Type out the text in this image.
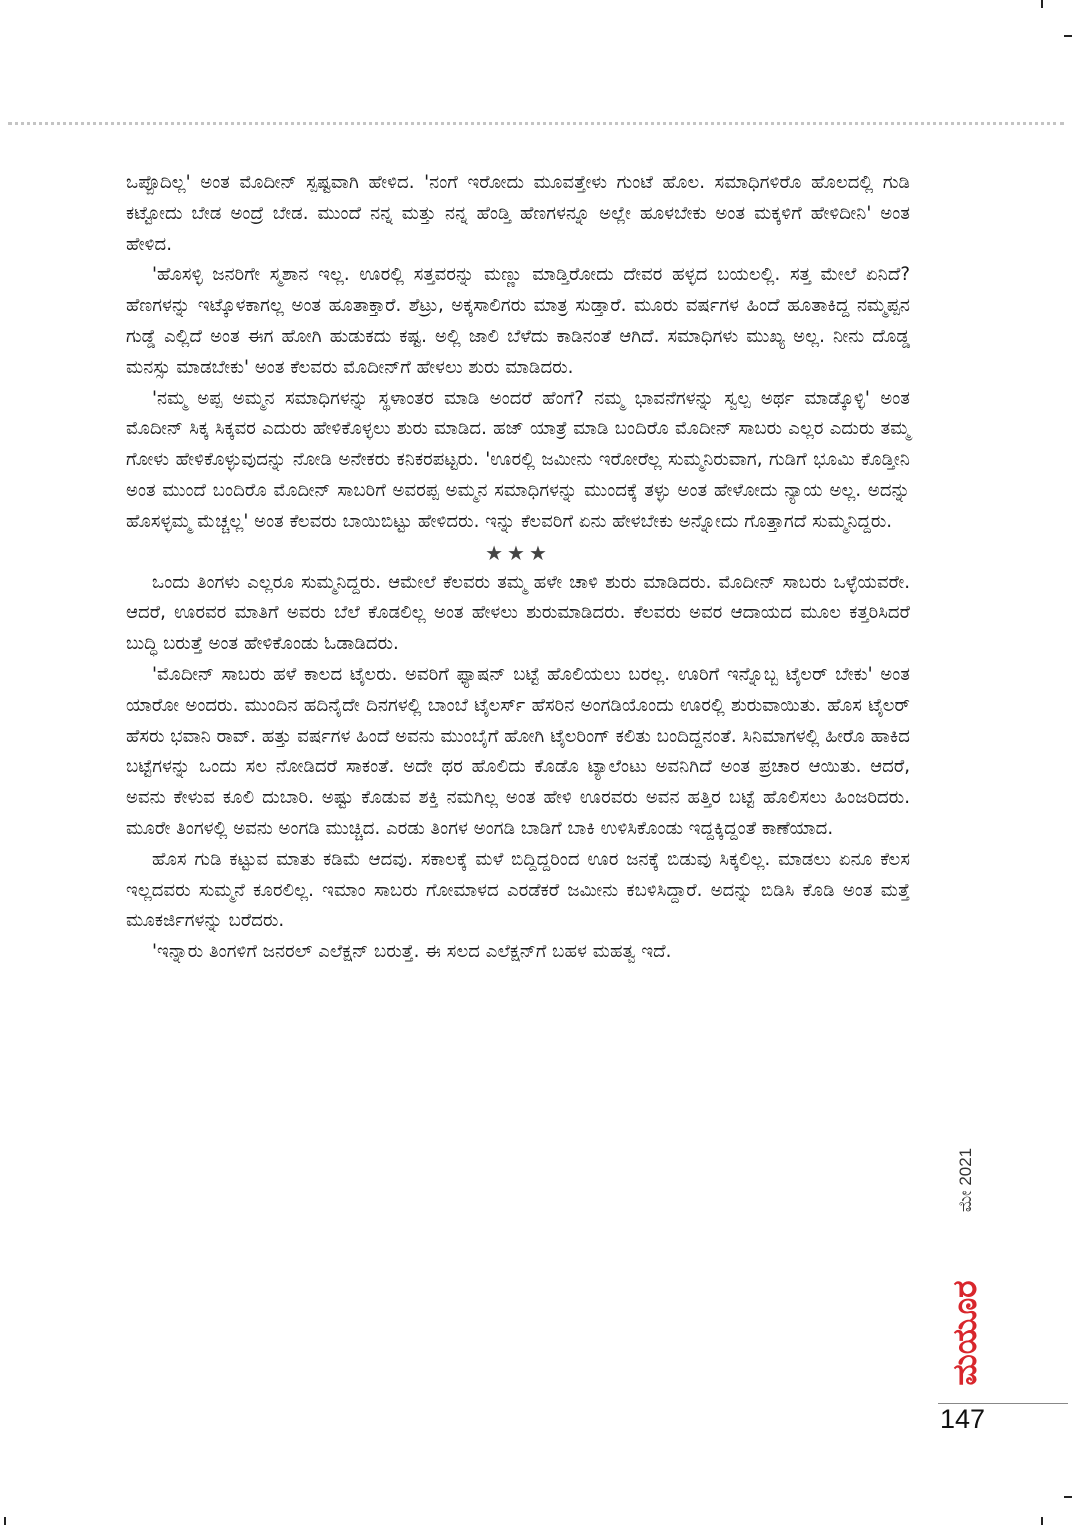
ಒಪ್ಪೊದಿಲ್ಲ' ಅಂತ ಮೊದೀನ್ ಸ್ಪಷ್ಟವಾಗಿ ಹೇಳಿದ. 'ನಂಗೆ ಇರೋದು ಮೂವತ್ತೇಳು ಗುಂಟೆ ಹೊಲ. ಸಮಾಧಿಗಳಿರೊ ಹೊಲದಲ್ಲಿ ಗುಡಿ ಕಟ್ಟೋದು ಬೇಡ ಅಂದ್ರೆ ಬೇಡ. ಮುಂದೆ ನನ್ನ ಮತ್ತು ನನ್ನ ಹೆಂಡ್ತಿ ಹೆಣಗಳನ್ನೂ ಅಲ್ಲೇ ಹೂಳಬೇಕು ಅಂತ ಮಕ್ಕಳಿಗೆ ಹೇಳಿದೀನಿ' ಅಂತ ಹೇಳಿದ.

'ಹೊಸಳ್ಳಿ ಜನರಿಗೇ ಸ್ಮಶಾನ ಇಲ್ಲ. ಊರಲ್ಲಿ ಸತ್ತವರನ್ನು ಮಣ್ಣು ಮಾಡ್ತಿರೋದು ದೇವರ ಹಳ್ಳದ ಬಯಲಲ್ಲಿ. ಸತ್ತ ಮೇಲೆ ಏನಿದೆ? ಹೆಣಗಳನ್ನು ಇಟ್ಕೊಳಕಾಗಲ್ಲ ಅಂತ ಹೂತಾಕ್ತಾರೆ. ಶೆಟ್ರು, ಅಕ್ಕಸಾಲಿಗರು ಮಾತ್ರ ಸುಡ್ತಾರೆ. ಮೂರು ವರ್ಷಗಳ ಹಿಂದೆ ಹೂತಾಕಿದ್ದ ನಮ್ಮಪ್ಪನ ಗುಡ್ಡೆ ಎಲ್ಲಿದೆ ಅಂತ ಈಗ ಹೋಗಿ ಹುಡುಕದು ಕಷ್ಟ. ಅಲ್ಲಿ ಜಾಲಿ ಬೆಳೆದು ಕಾಡಿನಂತೆ ಆಗಿದೆ. ಸಮಾಧಿಗಳು ಮುಖ್ಯ ಅಲ್ಲ. ನೀನು ದೊಡ್ಡ ಮನಸ್ಸು ಮಾಡಬೇಕು' ಅಂತ ಕೆಲವರು ಮೊದೀನ್‌ಗೆ ಹೇಳಲು ಶುರು ಮಾಡಿದರು.

'ನಮ್ಮ ಅಪ್ಪ ಅಮ್ಮನ ಸಮಾಧಿಗಳನ್ನು ಸ್ಥಳಾಂತರ ಮಾಡಿ ಅಂದರೆ ಹೆಂಗೆ? ನಮ್ಮ ಭಾವನೆಗಳನ್ನು ಸ್ವಲ್ಪ ಅರ್ಥ ಮಾಡ್ಕೊಳ್ಳಿ' ಅಂತ ಮೊದೀನ್ ಸಿಕ್ಕ ಸಿಕ್ಕವರ ಎದುರು ಹೇಳಿಕೊಳ್ಳಲು ಶುರು ಮಾಡಿದ. ಹಜ್ ಯಾತ್ರೆ ಮಾಡಿ ಬಂದಿರೊ ಮೊದೀನ್ ಸಾಬರು ಎಲ್ಲರ ಎದುರು ತಮ್ಮ ಗೋಳು ಹೇಳಿಕೊಳ್ಳುವುದನ್ನು ನೋಡಿ ಅನೇಕರು ಕನಿಕರಪಟ್ಟರು. 'ಊರಲ್ಲಿ ಜಮೀನು ಇರೋರೆಲ್ಲ ಸುಮ್ಮನಿರುವಾಗ, ಗುಡಿಗೆ ಭೂಮಿ ಕೊಡ್ತೀನಿ ಅಂತ ಮುಂದೆ ಬಂದಿರೊ ಮೊದೀನ್ ಸಾಬರಿಗೆ ಅವರಪ್ಪ ಅಮ್ಮನ ಸಮಾಧಿಗಳನ್ನು ಮುಂದಕ್ಕೆ ತಳ್ಳು ಅಂತ ಹೇಳೋದು ನ್ಯಾಯ ಅಲ್ಲ. ಅದನ್ನು ಹೊಸಳ್ಳಮ್ಮ ಮೆಚ್ಚಲ್ಲ' ಅಂತ ಕೆಲವರು ಬಾಯಿಬಿಟ್ಟು ಹೇಳಿದರು. ಇನ್ನು ಕೆಲವರಿಗೆ ಏನು ಹೇಳಬೇಕು ಅನ್ನೋದು ಗೊತ್ತಾಗದೆ ಸುಮ್ಮನಿದ್ದರು.

★★★

ಒಂದು ತಿಂಗಳು ಎಲ್ಲರೂ ಸುಮ್ಮನಿದ್ದರು. ಆಮೇಲೆ ಕೆಲವರು ತಮ್ಮ ಹಳೇ ಚಾಳಿ ಶುರು ಮಾಡಿದರು. ಮೊದೀನ್ ಸಾಬರು ಒಳ್ಳೆಯವರೇ. ಆದರೆ, ಊರವರ ಮಾತಿಗೆ ಅವರು ಬೆಲೆ ಕೊಡಲಿಲ್ಲ ಅಂತ ಹೇಳಲು ಶುರುಮಾಡಿದರು. ಕೆಲವರು ಅವರ ಆದಾಯದ ಮೂಲ ಕತ್ತರಿಸಿದರೆ ಬುದ್ಧಿ ಬರುತ್ತೆ ಅಂತ ಹೇಳಿಕೊಂಡು ಓಡಾಡಿದರು.

'ಮೊದೀನ್ ಸಾಬರು ಹಳೆ ಕಾಲದ ಟೈಲರು. ಅವರಿಗೆ ಫ್ಯಾಷನ್ ಬಟ್ಟೆ ಹೊಲಿಯಲು ಬರಲ್ಲ. ಊರಿಗೆ ಇನ್ನೊಬ್ಬ ಟೈಲರ್ ಬೇಕು' ಅಂತ ಯಾರೋ ಅಂದರು. ಮುಂದಿನ ಹದಿನೈದೇ ದಿನಗಳಲ್ಲಿ ಬಾಂಬೆ ಟೈಲರ್ಸ್ ಹೆಸರಿನ ಅಂಗಡಿಯೊಂದು ಊರಲ್ಲಿ ಶುರುವಾಯಿತು. ಹೊಸ ಟೈಲರ್ ಹೆಸರು ಭವಾನಿ ರಾವ್. ಹತ್ತು ವರ್ಷಗಳ ಹಿಂದೆ ಅವನು ಮುಂಬೈಗೆ ಹೋಗಿ ಟೈಲರಿಂಗ್ ಕಲಿತು ಬಂದಿದ್ದನಂತೆ. ಸಿನಿಮಾಗಳಲ್ಲಿ ಹೀರೊ ಹಾಕಿದ ಬಟ್ಟೆಗಳನ್ನು ಒಂದು ಸಲ ನೋಡಿದರೆ ಸಾಕಂತೆ. ಅದೇ ಥರ ಹೊಲಿದು ಕೊಡೊ ಟ್ಯಾಲೆಂಟು ಅವನಿಗಿದೆ ಅಂತ ಪ್ರಚಾರ ಆಯಿತು. ಆದರೆ, ಅವನು ಕೇಳುವ ಕೂಲಿ ದುಬಾರಿ. ಅಷ್ಟು ಕೊಡುವ ಶಕ್ತಿ ನಮಗಿಲ್ಲ ಅಂತ ಹೇಳಿ ಊರವರು ಅವನ ಹತ್ತಿರ ಬಟ್ಟೆ ಹೊಲಿಸಲು ಹಿಂಜರಿದರು. ಮೂರೇ ತಿಂಗಳಲ್ಲಿ ಅವನು ಅಂಗಡಿ ಮುಚ್ಚಿದ. ಎರಡು ತಿಂಗಳ ಅಂಗಡಿ ಬಾಡಿಗೆ ಬಾಕಿ ಉಳಿಸಿಕೊಂಡು ಇದ್ದಕ್ಕಿದ್ದಂತೆ ಕಾಣೆಯಾದ.

ಹೊಸ ಗುಡಿ ಕಟ್ಟುವ ಮಾತು ಕಡಿಮೆ ಆದವು. ಸಕಾಲಕ್ಕೆ ಮಳೆ ಬಿದ್ದಿದ್ದರಿಂದ ಊರ ಜನಕ್ಕೆ ಬಿಡುವು ಸಿಕ್ಕಲಿಲ್ಲ. ಮಾಡಲು ಏನೂ ಕೆಲಸ ಇಲ್ಲದವರು ಸುಮ್ಮನೆ ಕೂರಲಿಲ್ಲ. ಇಮಾಂ ಸಾಬರು ಗೋಮಾಳದ ಎರಡೆಕರೆ ಜಮೀನು ಕಬಳಿಸಿದ್ದಾರೆ. ಅದನ್ನು ಬಿಡಿಸಿ ಕೊಡಿ ಅಂತ ಮತ್ತೆ ಮೂಕರ್ಜಿಗಳನ್ನು ಬರೆದರು.

'ಇನ್ನಾರು ತಿಂಗಳಿಗೆ ಜನರಲ್ ಎಲೆಕ್ಷನ್ ಬರುತ್ತೆ. ಈ ಸಲದ ಎಲೆಕ್ಷನ್‌ಗೆ ಬಹಳ ಮಹತ್ವ ಇದೆ.

ಮೇ 2021
ಮಯೂರ
147
